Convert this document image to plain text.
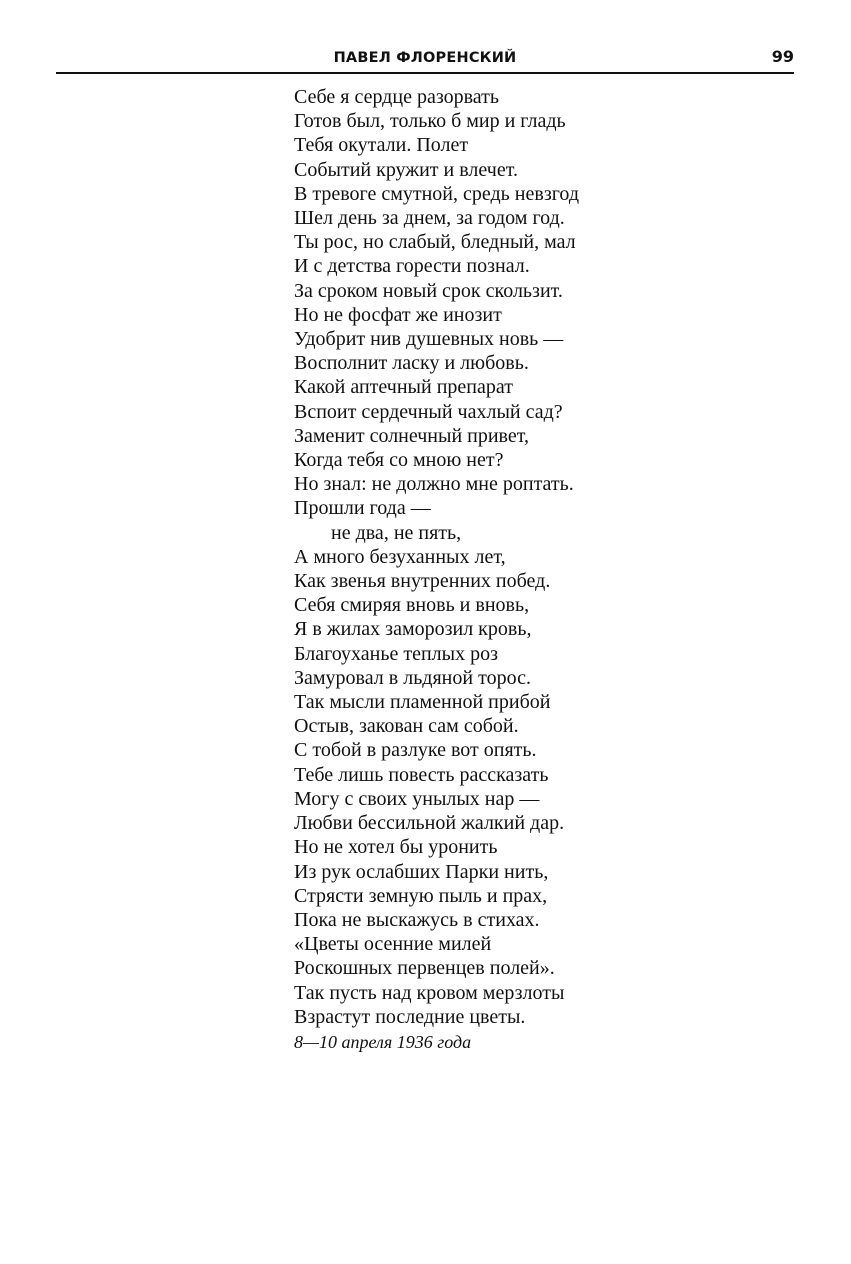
ПАВЕЛ ФЛОРЕНСКИЙ	99
Себе я сердце разорвать
Готов был, только б мир и гладь
Тебя окутали. Полет
Событий кружит и влечет.
В тревоге смутной, средь невзгод
Шел день за днем, за годом год.
Ты рос, но слабый, бледный, мал
И с детства горести познал.
За сроком новый срок скользит.
Но не фосфат же инозит
Удобрит нив душевных новь —
Восполнит ласку и любовь.
Какой аптечный препарат
Вспоит сердечный чахлый сад?
Заменит солнечный привет,
Когда тебя со мною нет?
Но знал: не должно мне роптать.
Прошли года —
не два, не пять,
А много безуханных лет,
Как звенья внутренних побед.
Себя смиряя вновь и вновь,
Я в жилах заморозил кровь,
Благоуханье теплых роз
Замуровал в льдяной торос.
Так мысли пламенной прибой
Остыв, закован сам собой.
С тобой в разлуке вот опять.
Тебе лишь повесть рассказать
Могу с своих унылых нар —
Любви бессильной жалкий дар.
Но не хотел бы уронить
Из рук ослабших Парки нить,
Стрясти земную пыль и прах,
Пока не выскажусь в стихах.
«Цветы осенние милей
Роскошных первенцев полей».
Так пусть над кровом мерзлоты
Взрастут последние цветы.
8—10 апреля 1936 года
